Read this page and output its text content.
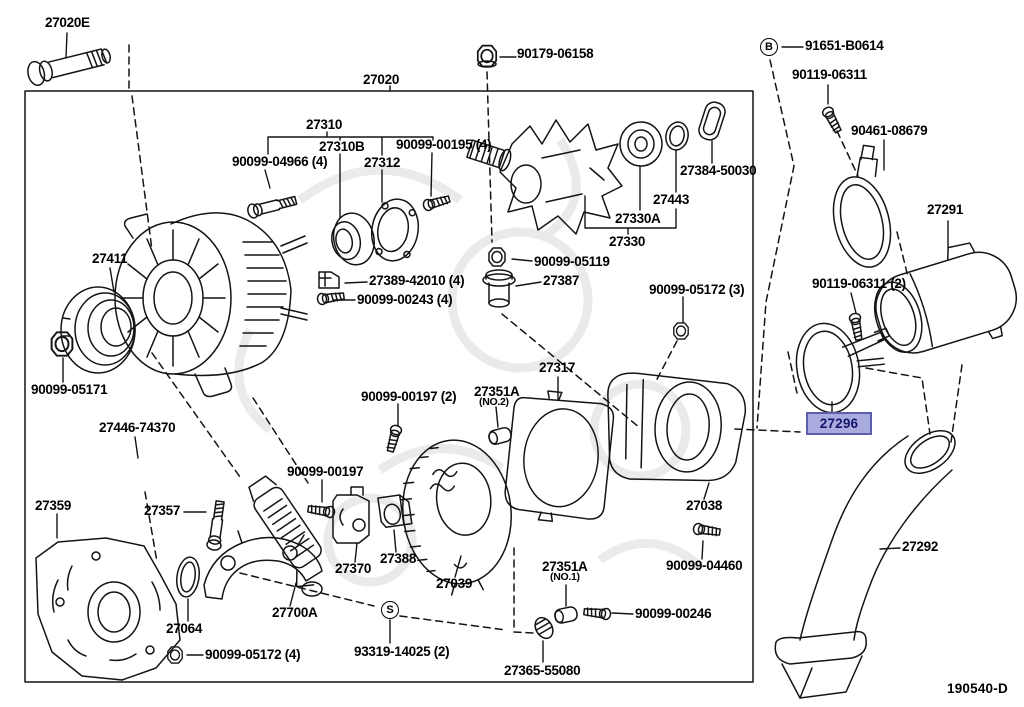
27020E
27020
90179-06158
91651-B0614
90119-06311
90461-08679
27291
27384-50030
27443
27330A
27330
27310
27310B
90099-04966 (4)	27312
90099-00195 (4)
27389-42010 (4)
90099-00243 (4)
90099-05119
27387
27411
90099-05171
27446-74370
90099-05172 (3)	90119-06311 (2)
27296
27317
90099-00197 (2) 27351A
(NO.2)
27359	27357
90099-00197
27370
27388
27039
27064
27700A
90099-05172 (4)	93319-14025 (2)
27365-55080
27351A
(NO.1)
90099-00246
90099-04460
27038
27292
190540-D
B
S
